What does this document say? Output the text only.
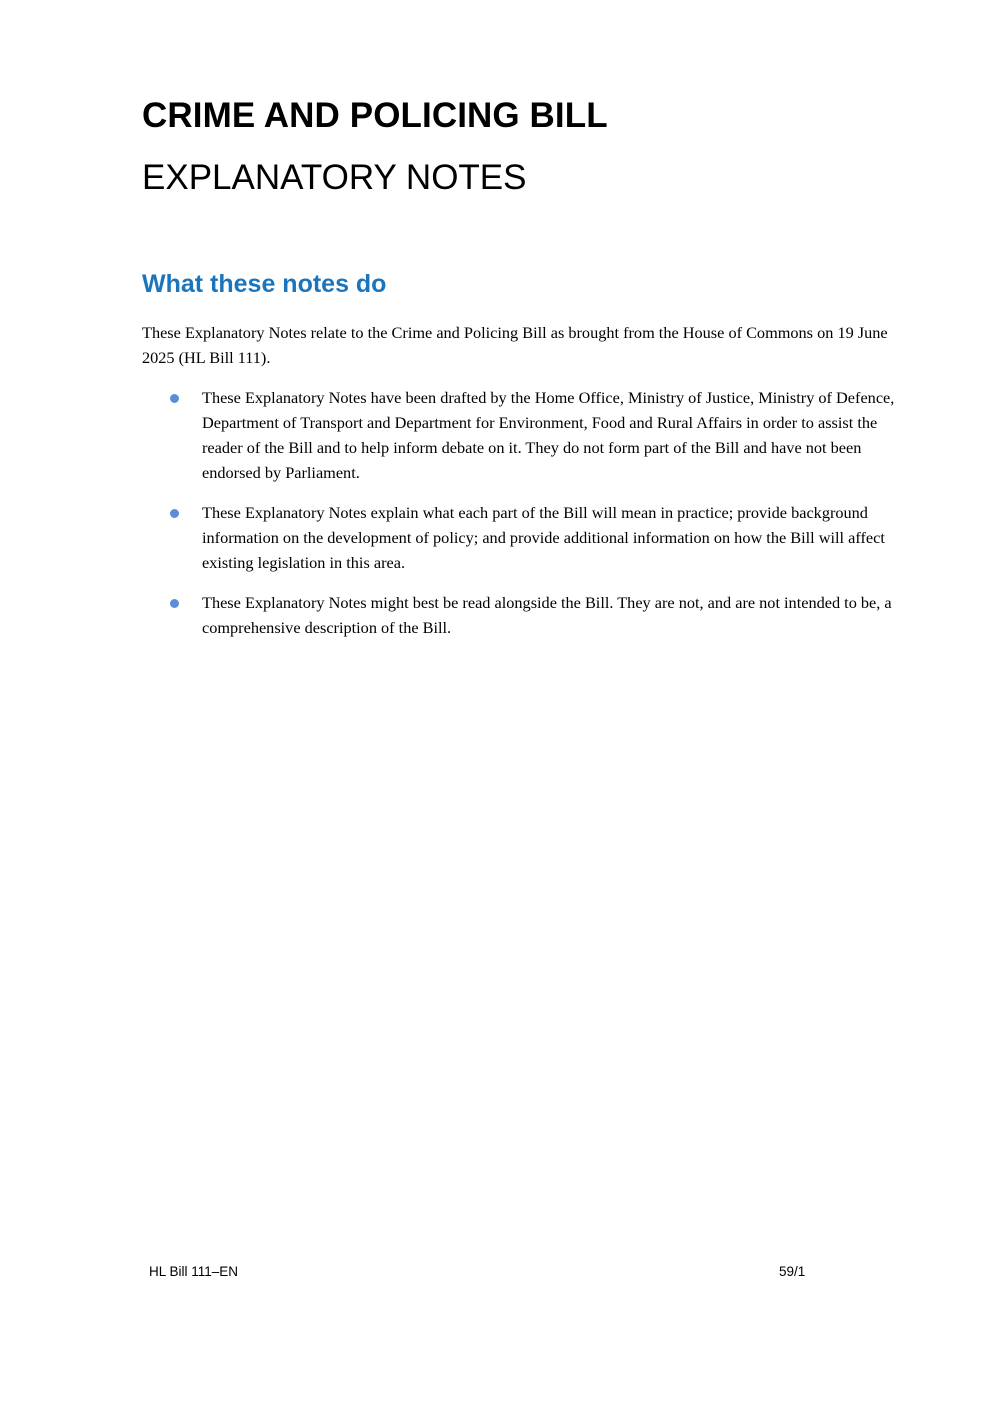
CRIME AND POLICING BILL
EXPLANATORY NOTES
What these notes do

These Explanatory Notes relate to the Crime and Policing Bill as brought from the House of Commons on 19 June 2025 (HL Bill 111).

These Explanatory Notes have been drafted by the Home Office, Ministry of Justice, Ministry of Defence, Department of Transport and Department for Environment, Food and Rural Affairs in order to assist the reader of the Bill and to help inform debate on it. They do not form part of the Bill and have not been endorsed by Parliament.
These Explanatory Notes explain what each part of the Bill will mean in practice; provide background information on the development of policy; and provide additional information on how the Bill will affect existing legislation in this area.
These Explanatory Notes might best be read alongside the Bill. They are not, and are not intended to be, a comprehensive description of the Bill.

HL Bill 111–EN	59/1
